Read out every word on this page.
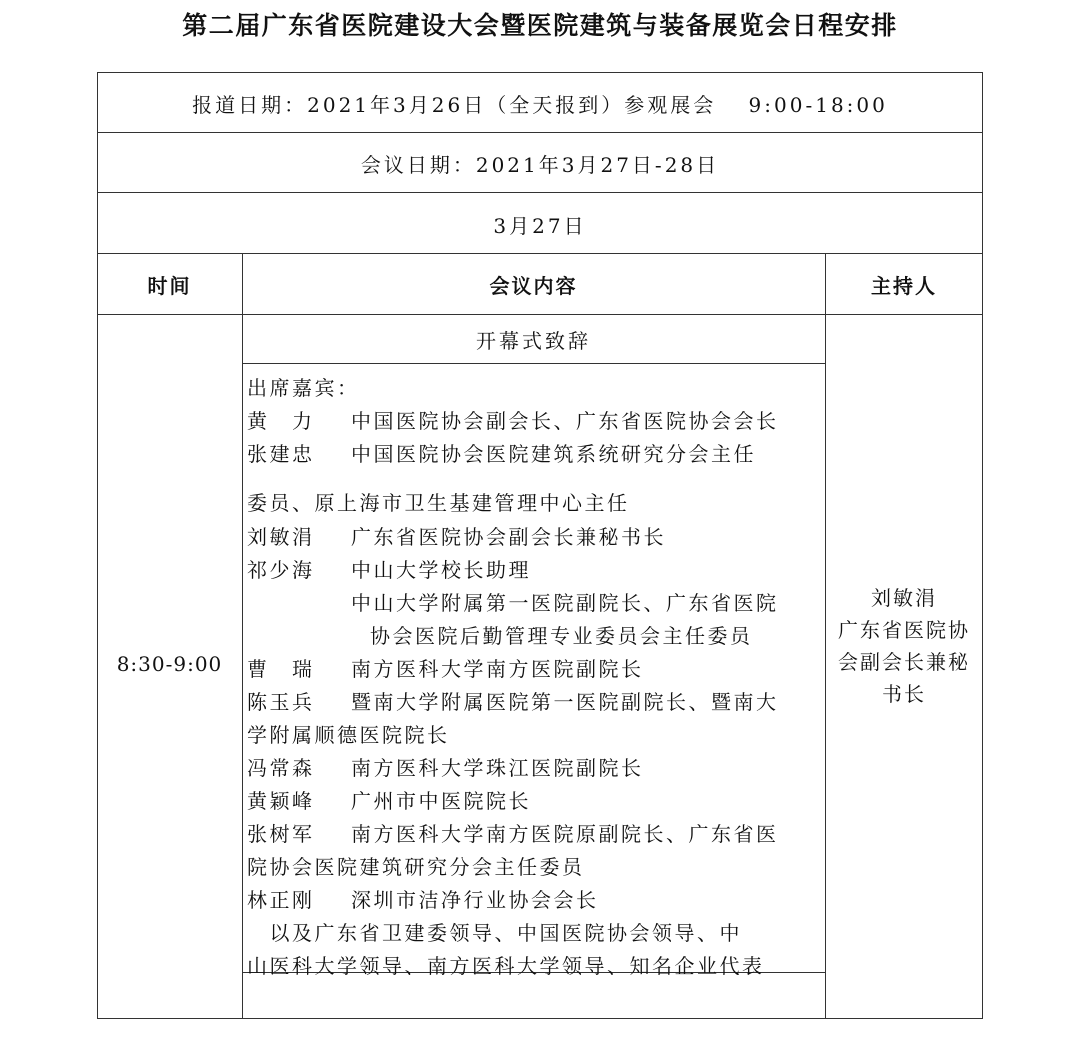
第二届广东省医院建设大会暨医院建筑与装备展览会日程安排
报道日期：2021年3月26日（全天报到）参观展会　 9:00-18:00
会议日期：2021年3月27日-28日
3月27日
时间	会议内容	主持人
8:30-9:00
开幕式致辞
出席嘉宾：
黄　力 中国医院协会副会长、广东省医院协会会长
张建忠 中国医院协会医院建筑系统研究分会主任
委员、原上海市卫生基建管理中心主任
刘敏涓 广东省医院协会副会长兼秘书长
祁少海 中山大学校长助理
中山大学附属第一医院副院长、广东省医院
协会医院后勤管理专业委员会主任委员
曹　瑞 南方医科大学南方医院副院长
陈玉兵 暨南大学附属医院第一医院副院长、暨南大
学附属顺德医院院长
冯常森 南方医科大学珠江医院副院长
黄颖峰 广州市中医院院长
张树军 南方医科大学南方医院原副院长、广东省医
院协会医院建筑研究分会主任委员
林正刚 深圳市洁净行业协会会长
　以及广东省卫建委领导、中国医院协会领导、中
山医科大学领导、南方医科大学领导、知名企业代表
刘敏涓
广东省医院协
会副会长兼秘
书长
